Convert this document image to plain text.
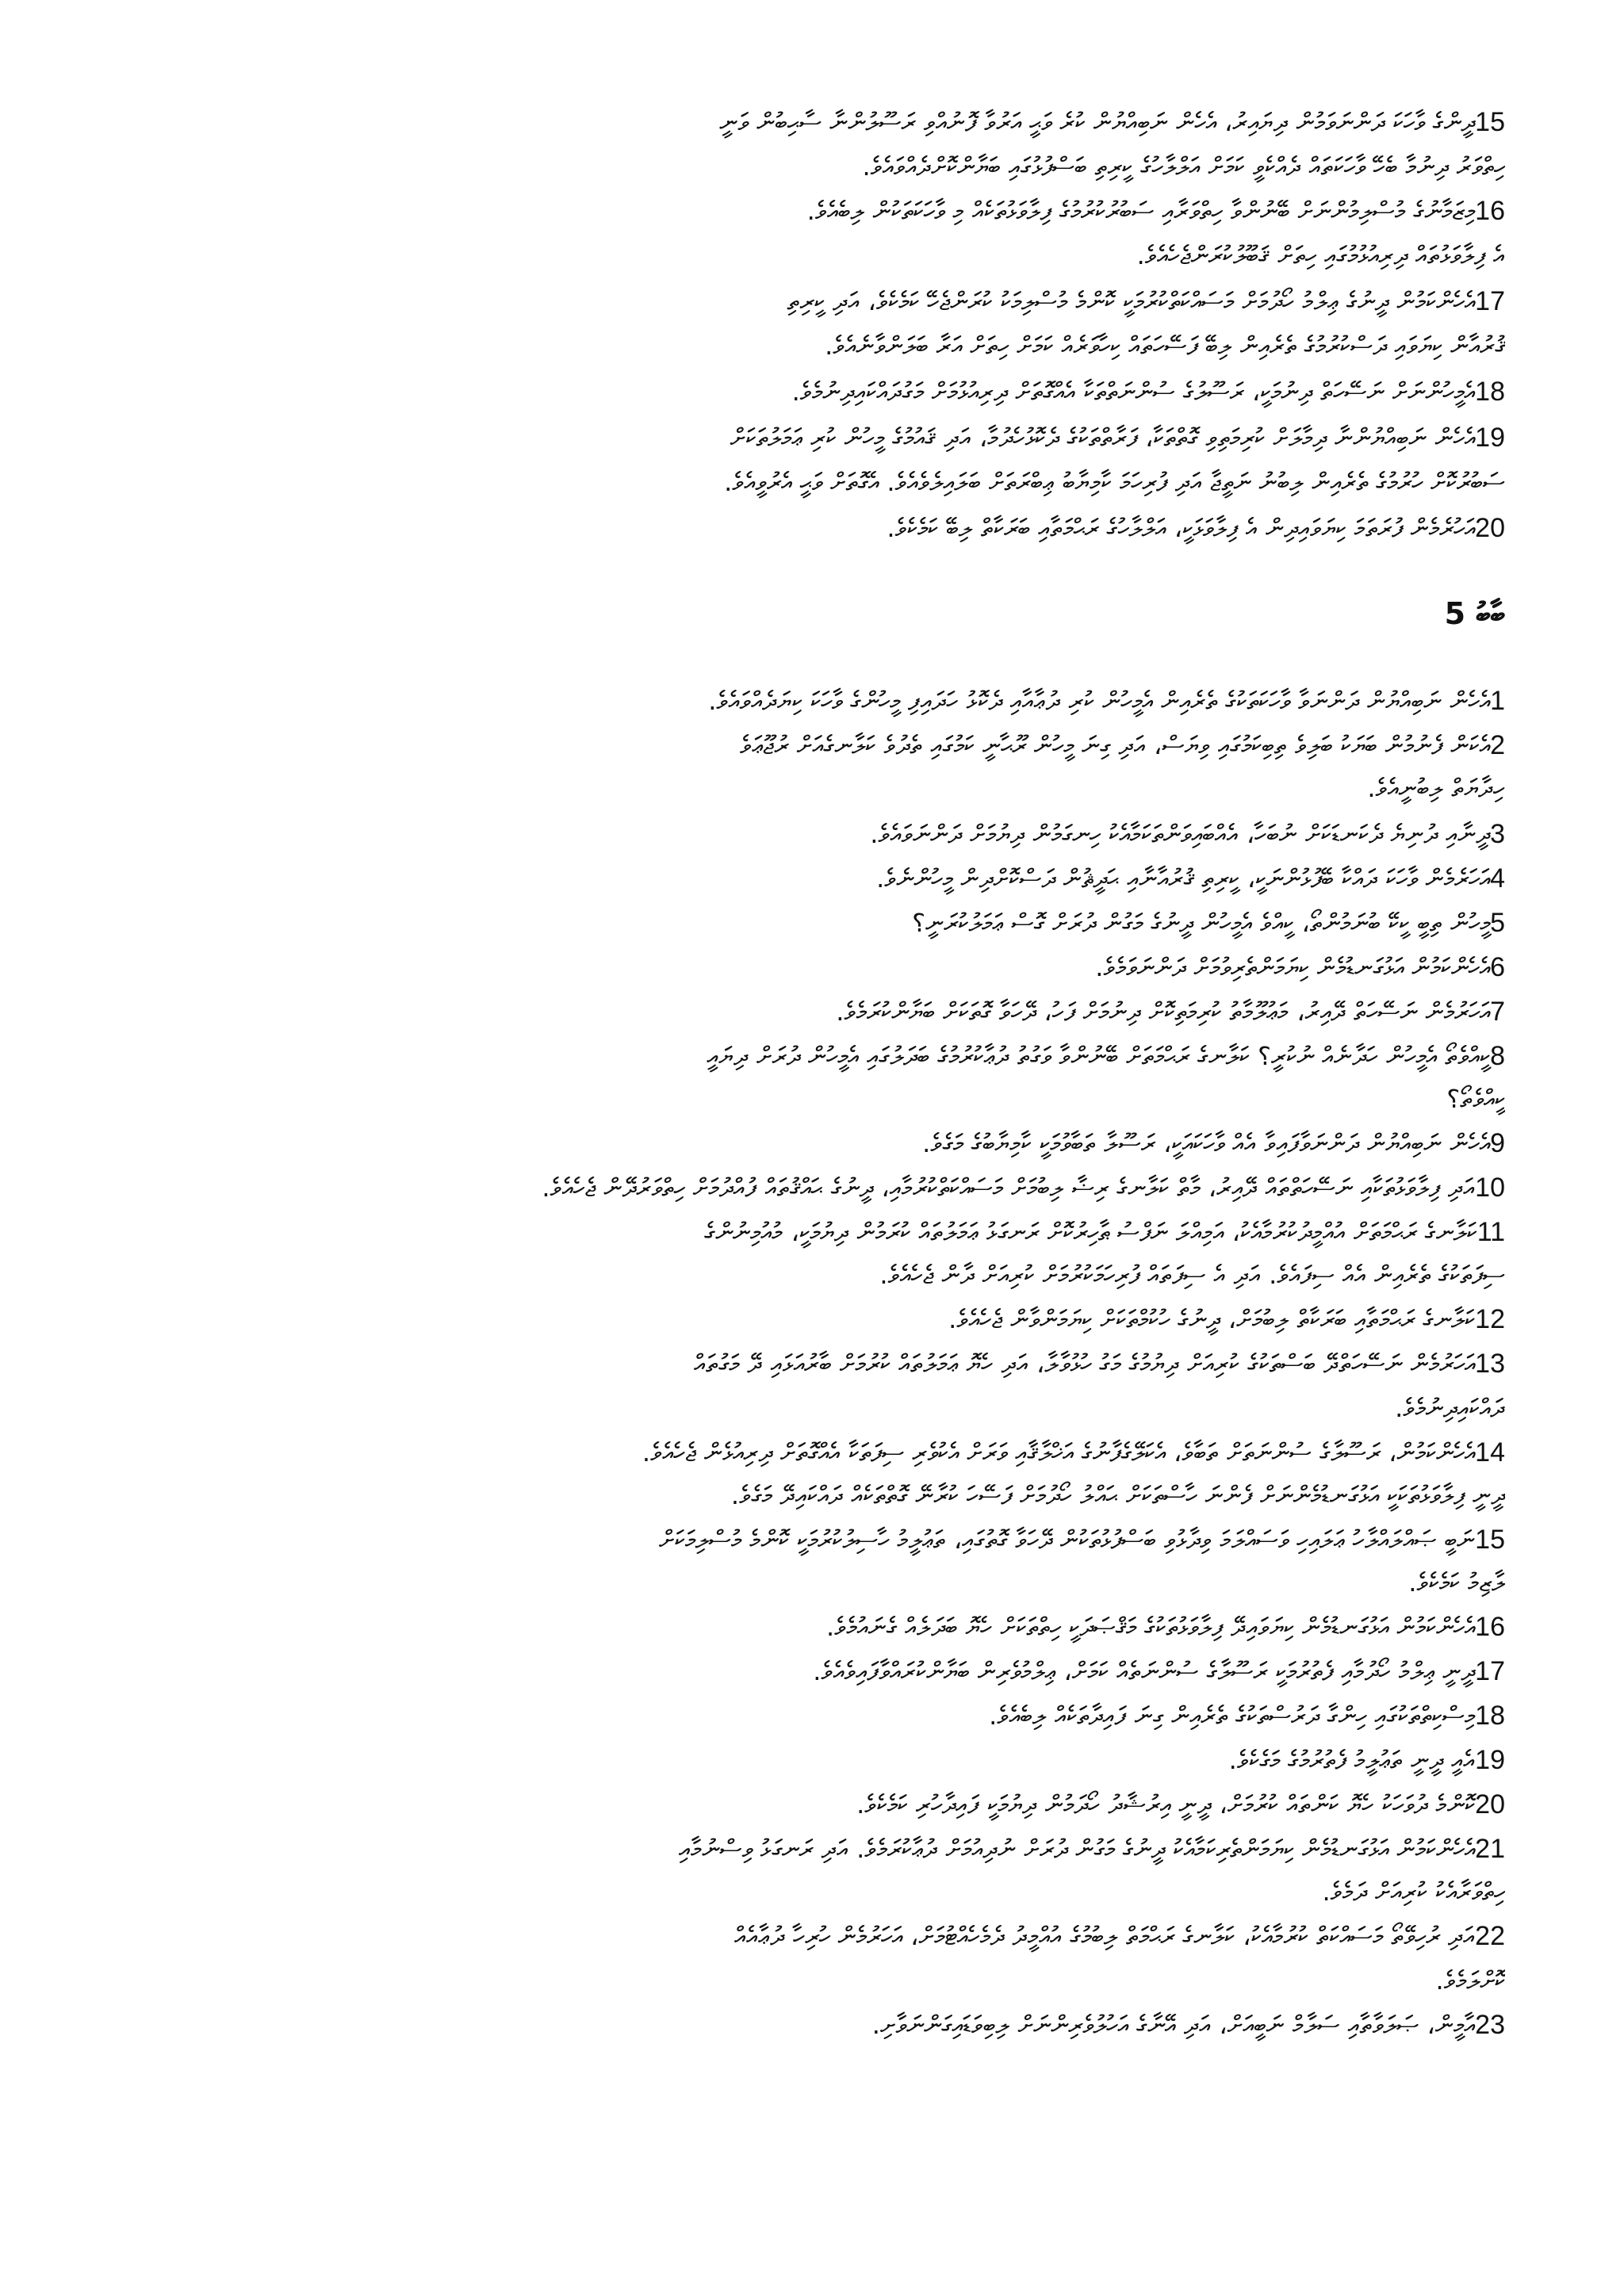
15ދީންގެ ވާހަކަ ދަންނަވަމުން ދިޔައިރު، އެހެން ނަބިއްޔުން ކުރެ ވަޙީ އަރުވާ ފޮނުއްވި ރަސޫލުންނާ ސާޙިބުން ވަނީ
ހިތްވަރު ދިނުމާ ބެހޭ ވާހަކަތައް ދެއްކެވީ ކަމަށް އަލްލާހުގެ ކީރިތި ބަސްފުޅުގައި ބަޔާންކޮށްދެއްވައެވެ.
16މިޒަމާނުގެ މުސްލިމުންނަށް ބޭނުންވާ ހިތްވަރާއި ސަބުރުކުރުމުގެ ފިލާވަޅުތަކެއް މި ވާހަކަތަކުން ލިބެއެވެ.
އެ ފިލާވަޅުތައް ދިރިއުޅުމުގައި ހިތަށް ޤަބޫލުކުރަންޖެހެއެވެ.
17އެހެންކަމުން ދީނުގެ ޢިލްމު ހޯދުމަށް މަސައްކަތްކުރުމަކީ ކޮންމެ މުސްލިމަކު ކުރަންޖެހޭ ކަމެކެވެ، އަދި ކީރިތި
ޤުރުއާން ކިޔަވައި ދަސްކުރުމުގެ ތެރެއިން ލިބޭ ފަސޭހަތައް ކިހާވަރެއް ކަމަށް ހިތަށް އަރާ ބަލަންވާނެއެވެ.
18އެމީހުންނަށް ނަސޭހަތް ދިނުމަކީ، ރަސޫލުގެ ސުންނަތްތަކާ އެއްގޮތަށް ދިރިއުޅުމަށް މަގުދައްކައިދިނުމެވެ.
19އެހެން ނަބިއްޔުންނާ ދިމާލަށް ކުރިމަތިވި ގޮތްތަކާ، ފަރާތްތަކުގެ ދެކޮޅުހެދުމާ، އަދި ޤައުމުގެ މީހުން ކުރި ޢަމަލުތަކަށް
ސަބުރުކޮށް ހުރުމުގެ ތެރެއިން ލިބުނު ނަތީޖާ އަދި ފުރިހަމަ ކާމިޔާބު ޢިބްރަތަށް ބަލައިލެވެއެވެ. އެގޮތަށް ވަޙީ އެރުވީއެވެ.
20އަހުރެމެން ފުރަތަމަ ކިޔަވައިދިން އެ ފިލާވަޅަކީ، އަލްލާހުގެ ރަޙްމަތާއި ބަރަކާތް ލިބޭ ކަމެކެވެ.
ބާބު 5
1އެހެން ނަބިއްޔުން ދަންނަވާ ވާހަކަތަކުގެ ތެރެއިން އެމީހުން ކުރި ދުޢާއާއި ދެކޮޅު ހަދައިފި މީހުންގެ ވާހަކަ ކިޔަދެއްވައެވެ.
2އެކަން ފެނުމުން ބަޔަކު ބަލިވެ ތިބިކަމުގައި ވިޔަސް، އަދި ގިނަ މީހުން ރޫޙާނީ ކަމުގައި ތެދުވެ ކަލާނގެއަށް ރުޖޫޢަވެ
ހިދާޔަތް ލިބުނީއެވެ.
3ދީނާއި ދުނިޔެ ދެކަނޑަކަށް ނުބަހާ، އެއްބައިވަންތަކަމާއެކު ހިނގަމުން ދިޔުމަށް ދަންނަވައެވެ.
4އަހަރެމެން ވާހަކަ ދައްކާ ބޭފުޅުންނަކީ، ކީރިތި ޤުރުއާނާއި ޙަދީޘުން ދަސްކޮށްދިން މީހުންނެވެ.
5މީހުން ތިބީ ކީކޭ ބުނަމުންތޯ، ކީއްވެ އެމީހުން ދީނުގެ މަގުން ދުރަށް ގޮސް ޢަމަލުކުރަނީ؟
6އެހެންކަމުން އަޅުގަނޑުމެން ކިޔަމަންތެރިވުމަށް ދަންނަވަމެވެ.
7އަހަރުމެން ނަސޭހަތް ދޭއިރު، މަޢުލޫމާތު ކުރިމަތިކޮށް ދިނުމަށް ފަހު، ދޭހަވާ ގޮތަކަށް ބަޔާންކުރަމެވެ.
8ކީއްވެތޯ އެމީހުން ހަދާނެއް ނުކުރީ؟ ކަލާނގެ ރަޙްމަތަށް ބޭނުންވާ ވަގުތު ދުޢާކުރުމުގެ ބަދަލުގައި އެމީހުން ދުރަށް ދިޔައީ
ކީއްވެތޯ؟
9އެހެން ނަބިއްޔުން ދަންނަވާފައިވާ އެއް ވާހަކައަކީ، ރަސޫލާ ތަބާވުމަކީ ކާމިޔާބުގެ މަގެވެ.
10އަދި ފިލާވަޅުތަކާއި ނަސޭހަތްތައް ދޭއިރު، މާތް ކަލާނގެ ރިޟާ ލިބުމަށް މަސައްކަތްކުރުމާއި، ދީނުގެ ޙައްޤުތައް ފުއްދުމަށް ހިތްވަރުދޭން ޖެހެއެވެ.
11ކަލާނގެ ރަޙްމަތަށް އުއްމީދުކުރުމާއެކު، އަމިއްލަ ނަފްސު ޠާހިރުކޮށް ރަނގަޅު ޢަމަލުތައް ކުރަމުން ދިޔުމަކީ، މުއުމިނުންގެ
ސިފަތަކުގެ ތެރެއިން އެއް ސިފައެވެ. އަދި އެ ސިފަތައް ފުރިހަމަކުރުމަށް ކުރިއަށް ދާން ޖެހެއެވެ.
12ކަލާނގެ ރަޙްމަތާއި ބަރަކާތް ލިބުމަށް، ދީނުގެ ހުކުމްތަކަށް ކިޔަމަންވާން ޖެހެއެވެ.
13އަހަރުމެން ނަސޭހަތްދޭ ބަސްތަކުގެ ކުރިއަށް ދިޔުމުގެ މަގު ހުޅުވާލާ، އަދި ހެޔޮ ޢަމަލުތައް ކުރުމަށް ބާރުއަޅައި ދޭ މަގުތައް
ދައްކައިދިނުމެވެ.
14އެހެންކަމުން، ރަސޫލާގެ ސުންނަތަށް ތަބާވެ، އެކަލޭގެފާނުގެ އަޚްލާޤާއި ވަރަށް އެކުވެރި ސިފަތަކާ އެއްގޮތަށް ދިރިއުޅެން ޖެހެއެވެ.
ދީނީ ފިލާވަޅުތަކަކީ އަޅުގަނޑުމެންނަށް ފެންނަ ހާސްތަކަށް ޙައްލު ހޯދުމަށް ފަސޭހަ ކުރާނޭ ގޮތްތަކެއް ދައްކައިދޭ މަގެވެ.
15ނަބީ ޞައްލައްލާހު ޢަލައިހި ވަސައްލަމަ ވިދާޅުވި ބަސްފުޅުތަކުން ދޭހަވާ ގޮތުގައި، ތަޢުލީމު ހާސިލުކުރުމަކީ ކޮންމެ މުސްލިމަކަށް
ލާޒިމު ކަމެކެވެ.
16އެހެންކަމުން އަޅުގަނޑުމެން ކިޔަވައިދޭ ފިލާވަޅުތަކުގެ މަޤްޞަދަކީ ހިތްތަކަށް ހެޔޮ ބަދަލެއް ގެނައުމެވެ.
17ދީނީ ޢިލްމު ހޯދުމާއި ފެތުރުމަކީ ރަސޫލާގެ ސުންނަތެއް ކަމަށް، ޢިލްމުވެރިން ބަޔާންކުރައްވާފައިވެއެވެ.
18މިސްކިތްތަކުގައި ހިންގާ ދަރުސްތަކުގެ ތެރެއިން ގިނަ ފައިދާތަކެއް ލިބެއެވެ.
19އެއީ ދީނީ ތަޢުލީމު ފެތުރުމުގެ މަގެކެވެ.
20ކޮންމެ ދުވަހަކު ހެޔޮ ކަންތައް ކުރުމަށް، ދީނީ އިރުޝާދު ހޯދަމުން ދިޔުމަކީ ފައިދާހުރި ކަމެކެވެ.
21އެހެންކަމުން އަޅުގަނޑުމެން ކިޔަމަންތެރިކަމާއެކު ދީނުގެ މަގުން ދުރަށް ނުދިއުމަށް ދުޢާކުރަމެވެ. އަދި ރަނގަޅު ވިސްނުމާއި
ހިތްވަރާއެކު ކުރިއަށް ދަމެވެ.
22އަދި ރުހިވޭތޯ މަސައްކަތް ކުރުމާއެކު، ކަލާނގެ ރަޙްމަތް ލިބުމުގެ އުއްމީދު ދެމެހެއްޓުމަށް، އަހަރުމެން ހުރިހާ ދުޢާއެއް
ކޮށްލަމެވެ.
23އާމީން، ޞަލަވާތާއި ސަލާމް ނަބީއަށް، އަދި އޭނާގެ އަހުލުވެރިންނަށް ލިބިވަޑައިގަންނަވާށި.
